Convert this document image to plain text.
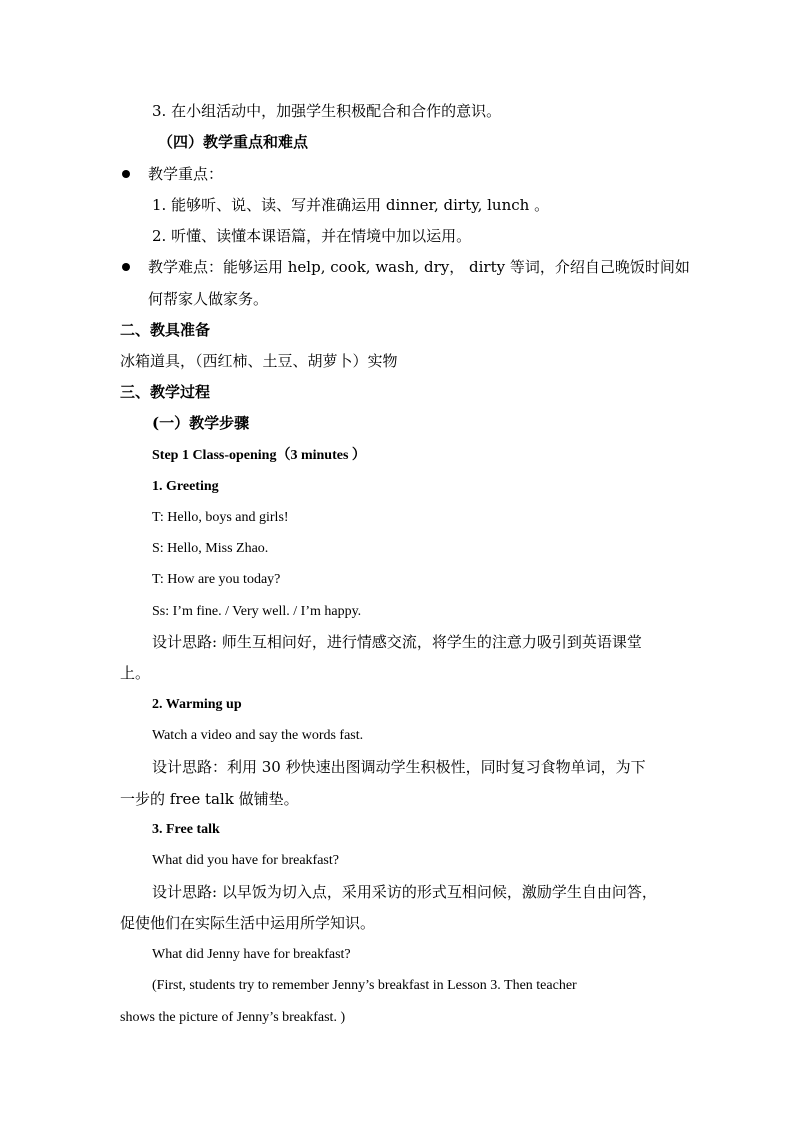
3. 在小组活动中，加强学生积极配合和合作的意识。
（四）教学重点和难点
教学重点：
1. 能够听、说、读、写并准确运用 dinner, dirty, lunch 。
2. 听懂、读懂本课语篇，并在情境中加以运用。
教学难点：能够运用 help, cook, wash, dry， dirty 等词，介绍自己晚饭时间如
何帮家人做家务。
二、教具准备
冰箱道具，（西红柿、土豆、胡萝卜）实物
三、教学过程
(一）教学步骤
Step 1 Class-opening（3 minutes ）
1. Greeting
T: Hello, boys and girls!
S: Hello, Miss Zhao.
T: How are you today?
Ss: I’m fine. / Very well. / I’m happy.
设计思路: 师生互相问好，进行情感交流，将学生的注意力吸引到英语课堂
上。
2. Warming up
Watch a video and say the words fast.
设计思路：利用 30 秒快速出图调动学生积极性，同时复习食物单词，为下
一步的 free talk 做铺垫。
3. Free talk
What did you have for breakfast?
设计思路: 以早饭为切入点，采用采访的形式互相问候，激励学生自由问答，
促使他们在实际生活中运用所学知识。
What did Jenny have for breakfast?
(First, students try to remember Jenny’s breakfast in Lesson 3. Then teacher
shows the picture of Jenny’s breakfast. )
